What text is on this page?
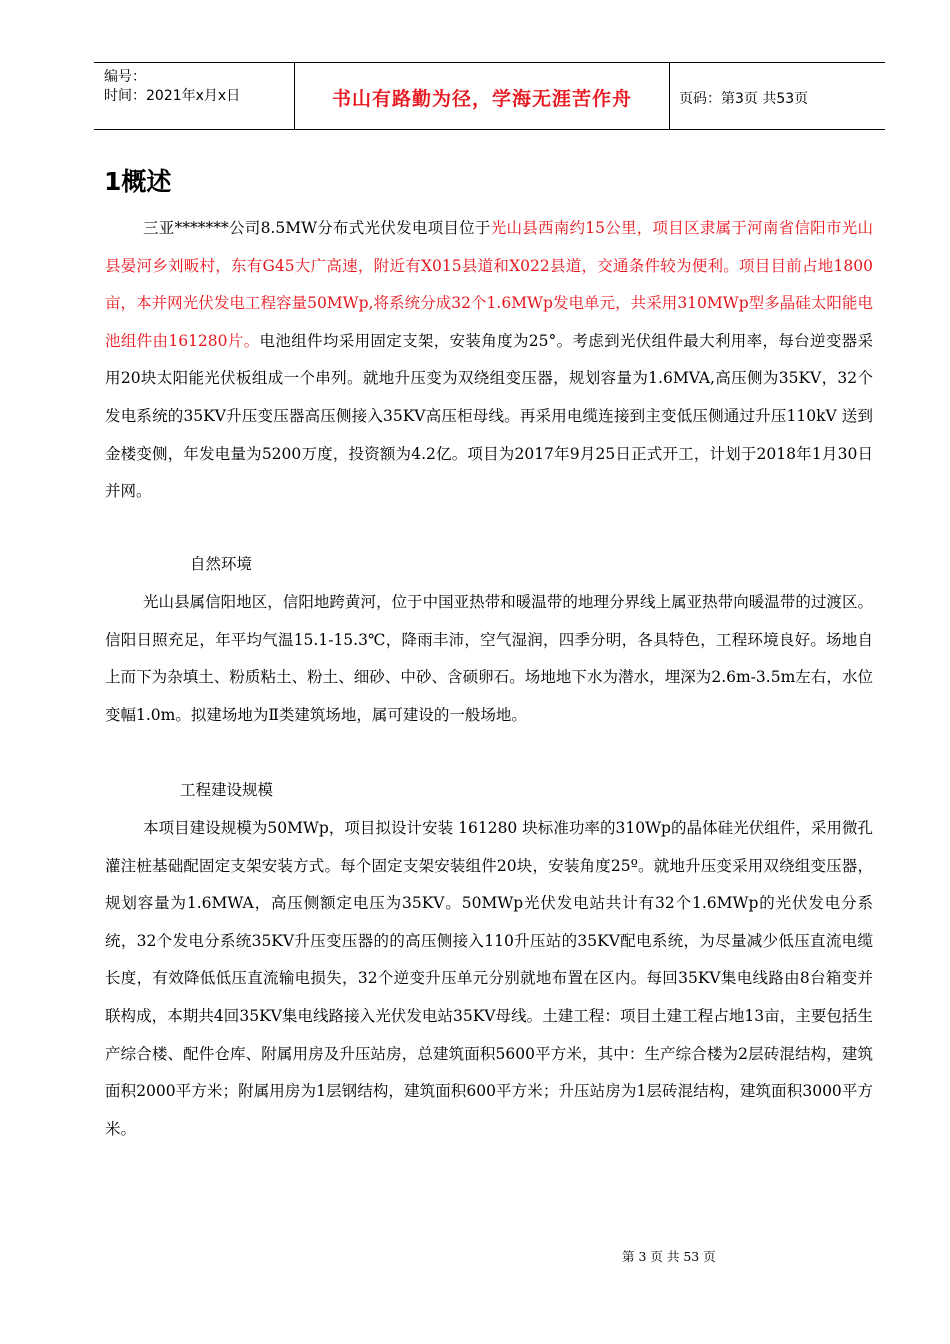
编号：
时间：2021年x月x日	书山有路勤为径，学海无涯苦作舟	页码：第3页 共53页
1概述

三亚*******公司8.5MW分布式光伏发电项目位于光山县西南约15公里，项目区隶属于河南省信阳市光山县晏河乡刘畈村，东有G45大广高速，附近有X015县道和X022县道，交通条件较为便利。项目目前占地1800亩，本并网光伏发电工程容量50MWp,将系统分成32个1.6MWp发电单元，共采用310MWp型多晶硅太阳能电池组件由161280片。电池组件均采用固定支架，安装角度为25°。考虑到光伏组件最大利用率，每台逆变器采用20块太阳能光伏板组成一个串列。就地升压变为双绕组变压器，规划容量为1.6MVA,高压侧为35KV，32个发电系统的35KV升压变压器高压侧接入35KV高压柜母线。再采用电缆连接到主变低压侧通过升压110kV 送到金楼变侧，年发电量为5200万度，投资额为4.2亿。项目为2017年9月25日正式开工，计划于2018年1月30日并网。

自然环境

光山县属信阳地区，信阳地跨黄河，位于中国亚热带和暖温带的地理分界线上属亚热带向暖温带的过渡区。信阳日照充足，年平均气温15.1-15.3℃，降雨丰沛，空气湿润，四季分明，各具特色，工程环境良好。场地自上而下为杂填土、粉质粘土、粉土、细砂、中砂、含硕卵石。场地地下水为潜水，埋深为2.6m-3.5m左右，水位变幅1.0m。拟建场地为Ⅱ类建筑场地，属可建设的一般场地。

工程建设规模

本项目建设规模为50MWp，项目拟设计安装 161280 块标准功率的310Wp的晶体硅光伏组件，采用微孔灌注桩基础配固定支架安装方式。每个固定支架安装组件20块，安装角度25º。就地升压变采用双绕组变压器，规划容量为1.6MWA，高压侧额定电压为35KV。50MWp光伏发电站共计有32个1.6MWp的光伏发电分系统，32个发电分系统35KV升压变压器的的高压侧接入110升压站的35KV配电系统，为尽量减少低压直流电缆长度，有效降低低压直流输电损失，32个逆变升压单元分别就地布置在区内。每回35KV集电线路由8台箱变并联构成，本期共4回35KV集电线路接入光伏发电站35KV母线。土建工程：项目土建工程占地13亩，主要包括生产综合楼、配件仓库、附属用房及升压站房，总建筑面积5600平方米，其中：生产综合楼为2层砖混结构，建筑面积2000平方米；附属用房为1层钢结构，建筑面积600平方米；升压站房为1层砖混结构，建筑面积3000平方米。

第 3 页 共 53 页
